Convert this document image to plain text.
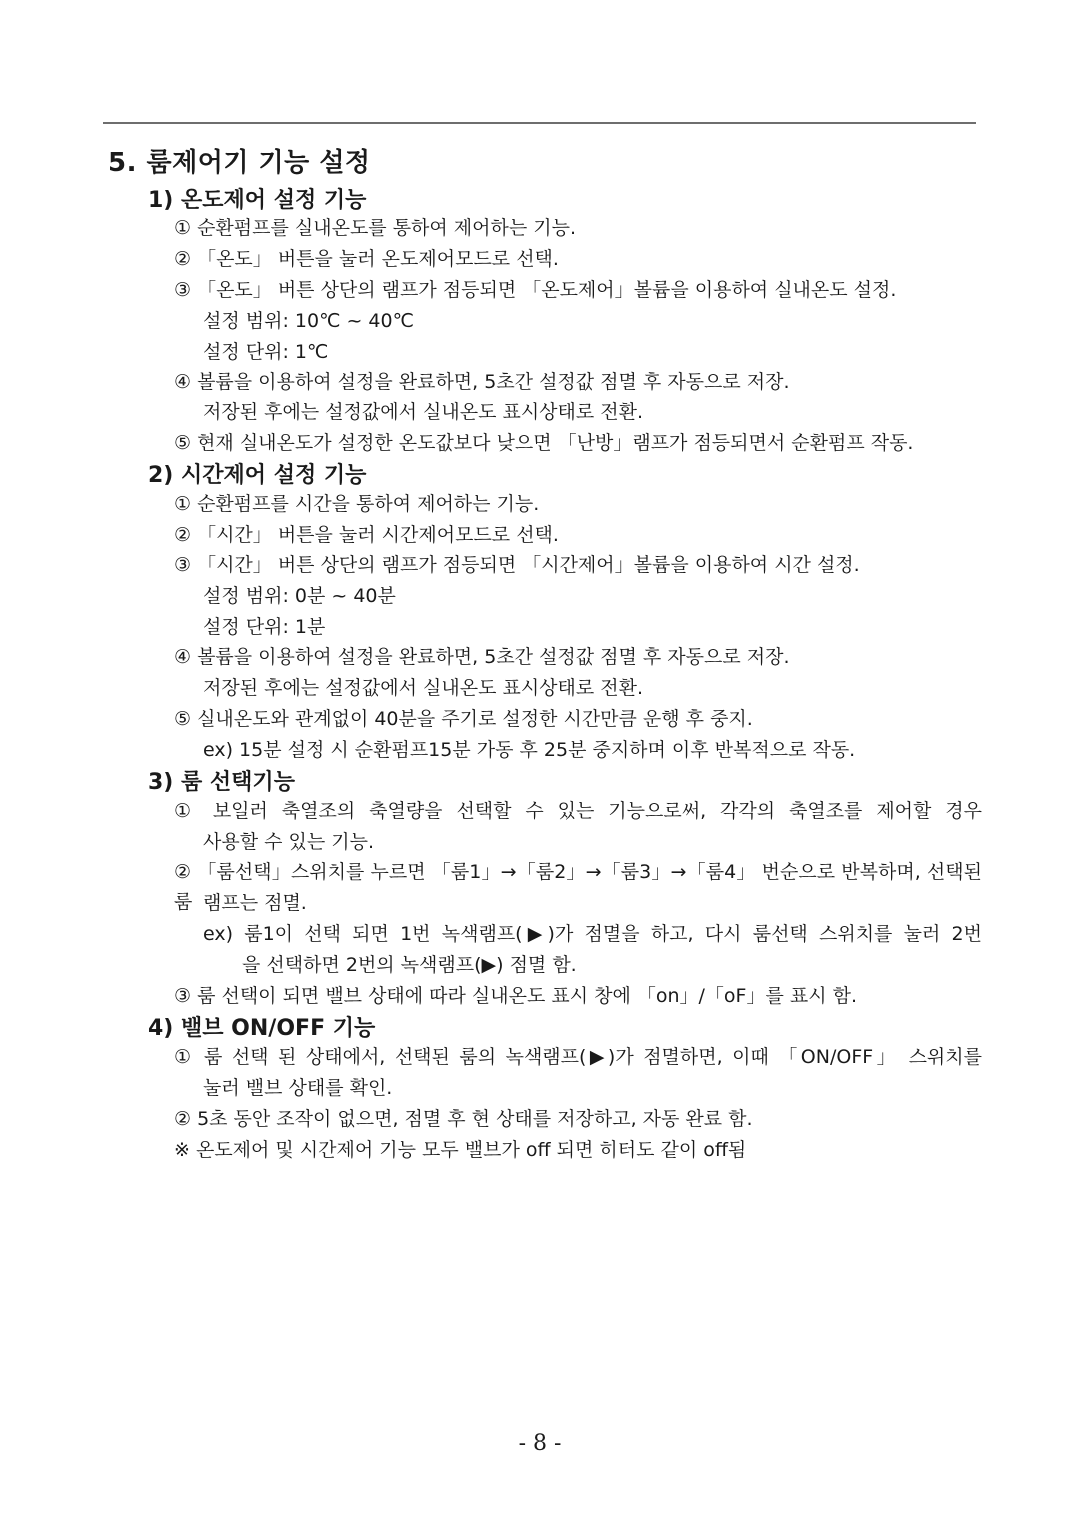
5. 룸제어기 기능 설정
1) 온도제어 설정 기능
① 순환펌프를 실내온도를 통하여 제어하는 기능.
② 「온도」 버튼을 눌러 온도제어모드로 선택.
③ 「온도」 버튼 상단의 램프가 점등되면 「온도제어」볼륨을 이용하여 실내온도 설정.
설정 범위: 10℃ ~ 40℃
설정 단위: 1℃
④ 볼륨을 이용하여 설정을 완료하면, 5초간 설정값 점멸 후 자동으로 저장.
저장된 후에는 설정값에서 실내온도 표시상태로 전환.
⑤ 현재 실내온도가 설정한 온도값보다 낮으면 「난방」램프가 점등되면서 순환펌프 작동.
2) 시간제어 설정 기능
① 순환펌프를 시간을 통하여 제어하는 기능.
② 「시간」 버튼을 눌러 시간제어모드로 선택.
③ 「시간」 버튼 상단의 램프가 점등되면 「시간제어」볼륨을 이용하여 시간 설정.
설정 범위: 0분 ~ 40분
설정 단위: 1분
④ 볼륨을 이용하여 설정을 완료하면, 5초간 설정값 점멸 후 자동으로 저장.
저장된 후에는 설정값에서 실내온도 표시상태로 전환.
⑤ 실내온도와 관계없이 40분을 주기로 설정한 시간만큼 운행 후 중지.
ex) 15분 설정 시 순환펌프15분 가동 후 25분 중지하며 이후 반복적으로 작동.
3) 룸 선택기능
① 보일러 축열조의 축열량을 선택할 수 있는 기능으로써, 각각의 축열조를 제어할 경우
사용할 수 있는 기능.
② 「룸선택」스위치를 누르면 「룸1」→「룸2」→「룸3」→「룸4」 번순으로 반복하며, 선택된 룸 램프는 점멸.
ex) 룸1이 선택 되면 1번 녹색램프(▶)가 점멸을 하고, 다시 룸선택 스위치를 눌러 2번
을 선택하면 2번의 녹색램프(▶) 점멸 함.
③ 룸 선택이 되면 밸브 상태에 따라 실내온도 표시 창에 「on」/「oF」를 표시 함.
4) 밸브 ON/OFF 기능
① 룸 선택 된 상태에서, 선택된 룸의 녹색램프(▶)가 점멸하면, 이때 「ON/OFF」 스위치를
눌러 밸브 상태를 확인.
② 5초 동안 조작이 없으면, 점멸 후 현 상태를 저장하고, 자동 완료 함.
※ 온도제어 및 시간제어 기능 모두 밸브가 off 되면 히터도 같이 off됨
- 8 -
